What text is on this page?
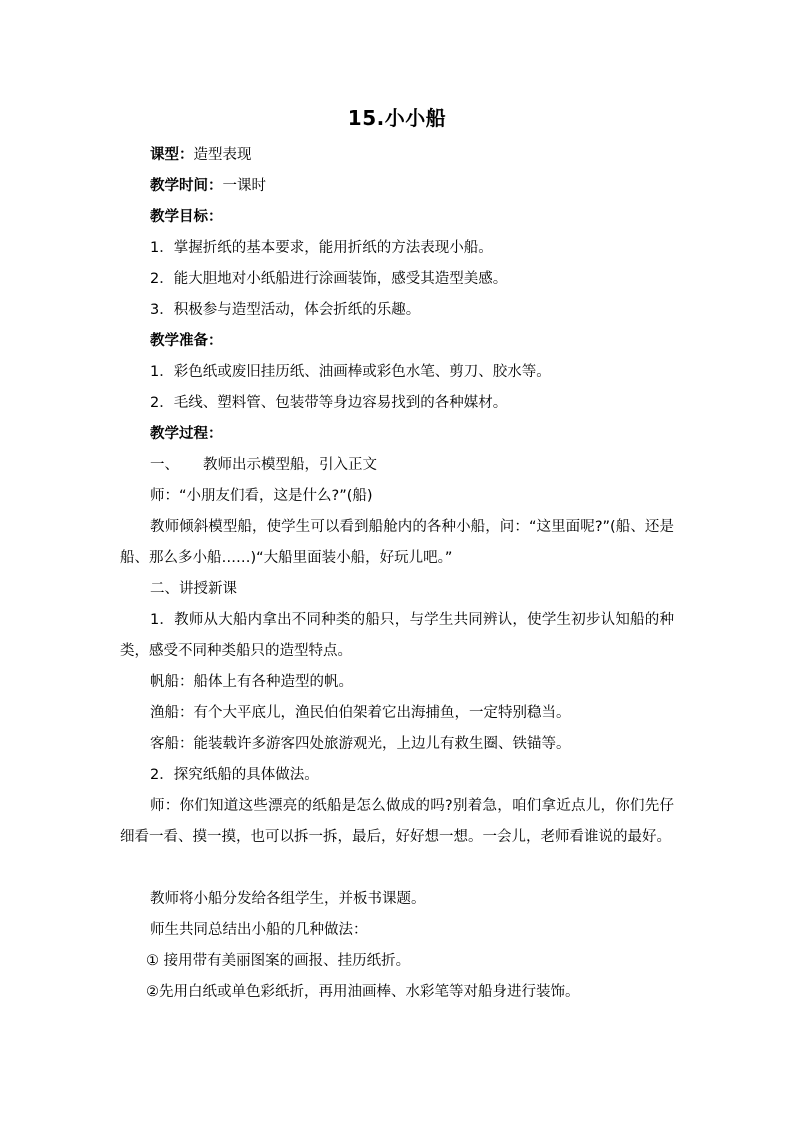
15.小小船
课型：造型表现
教学时间：一课时
教学目标：
1．掌握折纸的基本要求，能用折纸的方法表现小船。
2．能大胆地对小纸船进行涂画装饰，感受其造型美感。
3．积极参与造型活动，体会折纸的乐趣。
教学准备：
1．彩色纸或废旧挂历纸、油画棒或彩色水笔、剪刀、胶水等。
2．毛线、塑料管、包装带等身边容易找到的各种媒材。
教学过程：
一、 教师出示模型船，引入正文
师：“小朋友们看，这是什么?”(船)
教师倾斜模型船，使学生可以看到船舱内的各种小船，问：“这里面呢?”(船、还是船、那么多小船……)“大船里面装小船，好玩儿吧。”
二、讲授新课
1．教师从大船内拿出不同种类的船只，与学生共同辨认，使学生初步认知船的种类，感受不同种类船只的造型特点。
帆船：船体上有各种造型的帆。
渔船：有个大平底儿，渔民伯伯架着它出海捕鱼，一定特别稳当。
客船：能装载许多游客四处旅游观光，上边儿有救生圈、铁锚等。
2．探究纸船的具体做法。
师：你们知道这些漂亮的纸船是怎么做成的吗?别着急，咱们拿近点儿，你们先仔细看一看、摸一摸，也可以拆一拆，最后，好好想一想。一会儿，老师看谁说的最好。
教师将小船分发给各组学生，并板书课题。
师生共同总结出小船的几种做法：
① 接用带有美丽图案的画报、挂历纸折。
②先用白纸或单色彩纸折，再用油画棒、水彩笔等对船身进行装饰。
